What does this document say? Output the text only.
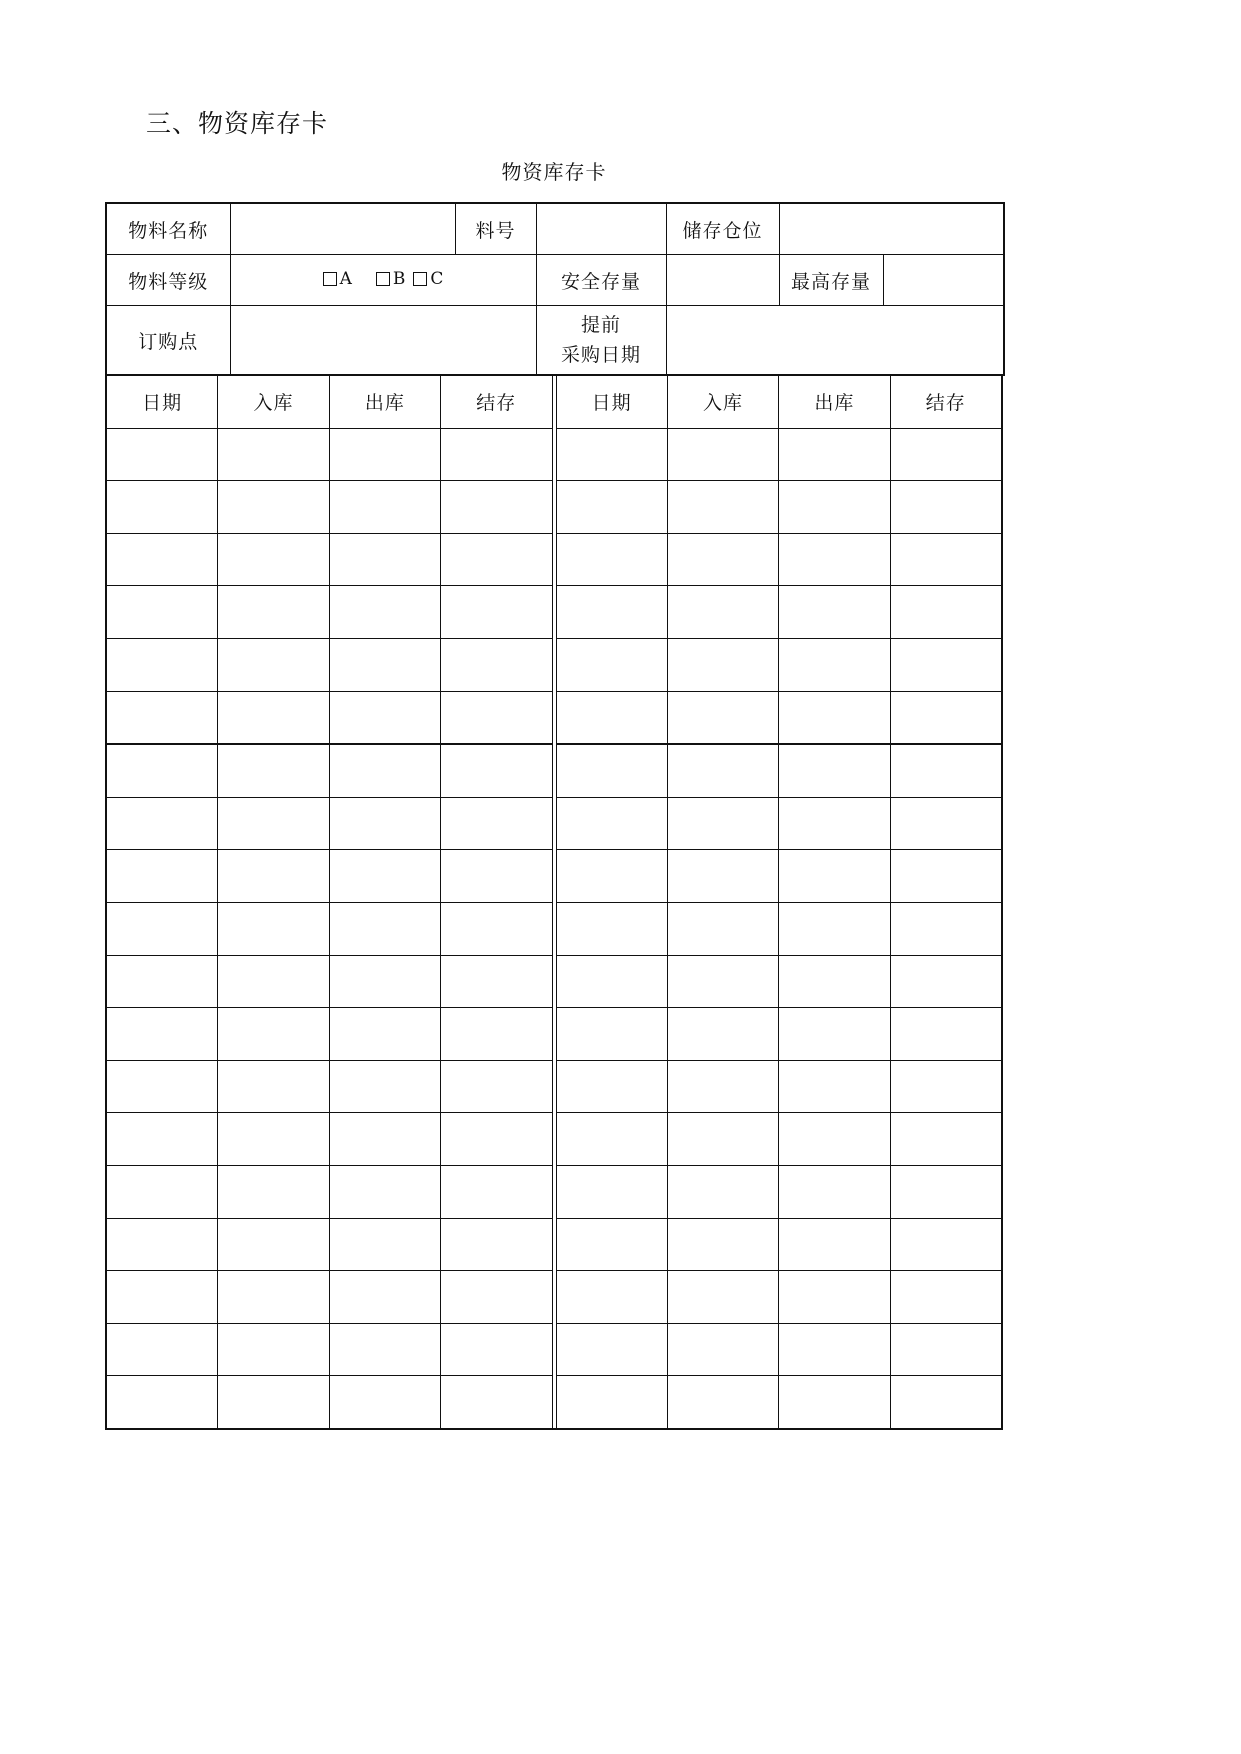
三、物资库存卡
物资库存卡
物料名称		料号		储存仓位		

物料等级	A B C		安全存量		最高存量	

订购点			提前
采购日期			

日期	入库	出库	结存	日期	入库	出库	结存
